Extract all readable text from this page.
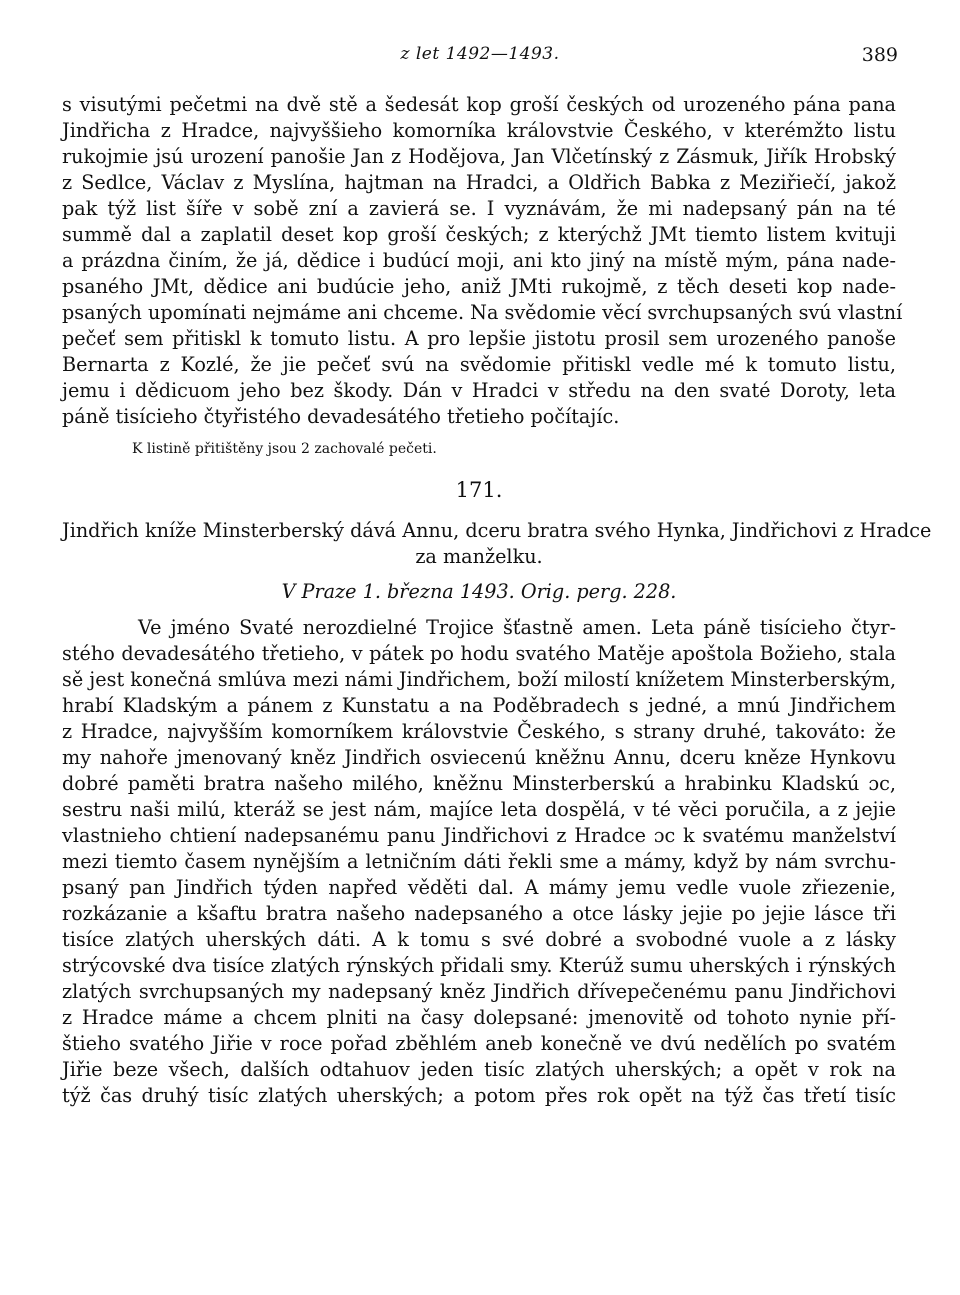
z let 1492—1493.	389
s visutými pečetmi na dvě stě a šedesát kop groší českých od urozeného pána pana
Jindřicha z Hradce, najvyššieho komorníka královstvie Českého, v kterémžto listu
rukojmie jsú urození panošie Jan z Hodějova, Jan Vlčetínský z Zásmuk, Jiřík Hrobský
z Sedlce, Václav z Myslína, hajtman na Hradci, a Oldřich Babka z Meziřiečí, jakož
pak týž list šíře v sobě zní a zavierá se. I vyznávám, že mi nadepsaný pán na té
summě dal a zaplatil deset kop groší českých; z kterýchž JMt tiemto listem kvituji
a prázdna činím, že já, dědice i budúcí moji, ani kto jiný na místě mým, pána nade-
psaného JMt, dědice ani budúcie jeho, aniž JMti rukojmě, z těch deseti kop nade-
psaných upomínati nejmáme ani chceme. Na svědomie věcí svrchupsaných svú vlastní
pečeť sem přitiskl k tomuto listu. A pro lepšie jistotu prosil sem urozeného panoše
Bernarta z Kozlé, že jie pečeť svú na svědomie přitiskl vedle mé k tomuto listu,
jemu i dědicuom jeho bez škody. Dán v Hradci v středu na den svaté Doroty, leta
páně tisícieho čtyřistého devadesátého třetieho počítajíc.
K listině přitištěny jsou 2 zachovalé pečeti.
171.
Jindřich kníže Minsterberský dává Annu, dceru bratra svého Hynka, Jindřichovi z Hradce
za manželku.
V Praze 1. března 1493. Orig. perg. 228.
Ve jméno Svaté nerozdielné Trojice šťastně amen. Leta páně tisícieho čtyr-
stého devadesátého třetieho, v pátek po hodu svatého Matěje apoštola Božieho, stala
sě jest konečná smlúva mezi námi Jindřichem, boží milostí knížetem Minsterberským,
hrabí Kladským a pánem z Kunstatu a na Poděbradech s jedné, a mnú Jindřichem
z Hradce, najvyšším komorníkem královstvie Českého, s strany druhé, takováto: že
my nahoře jmenovaný kněz Jindřich osviecenú kněžnu Annu, dceru kněze Hynkovu
dobré paměti bratra našeho milého, kněžnu Minsterberskú a hrabinku Kladskú ɔc,
sestru naši milú, kteráž se jest nám, majíce leta dospělá, v té věci poručila, a z jejie
vlastnieho chtiení nadepsanému panu Jindřichovi z Hradce ɔc k svatému manželství
mezi tiemto časem nynějším a letničním dáti řekli sme a mámy, když by nám svrchu-
psaný pan Jindřich týden napřed věděti dal. A mámy jemu vedle vuole zřiezenie,
rozkázanie a kšaftu bratra našeho nadepsaného a otce lásky jejie po jejie lásce tři
tisíce zlatých uherských dáti. A k tomu s své dobré a svobodné vuole a z lásky
strýcovské dva tisíce zlatých rýnských přidali smy. Kterúž sumu uherských i rýnských
zlatých svrchupsaných my nadepsaný kněz Jindřich dřívepečenému panu Jindřichovi
z Hradce máme a chcem plniti na časy dolepsané: jmenovitě od tohoto nynie pří-
štieho svatého Jiřie v roce pořad zběhlém aneb konečně ve dvú nedělích po svatém
Jiřie beze všech, dalších odtahuov jeden tisíc zlatých uherských; a opět v rok na
týž čas druhý tisíc zlatých uherských; a potom přes rok opět na týž čas třetí tisíc
